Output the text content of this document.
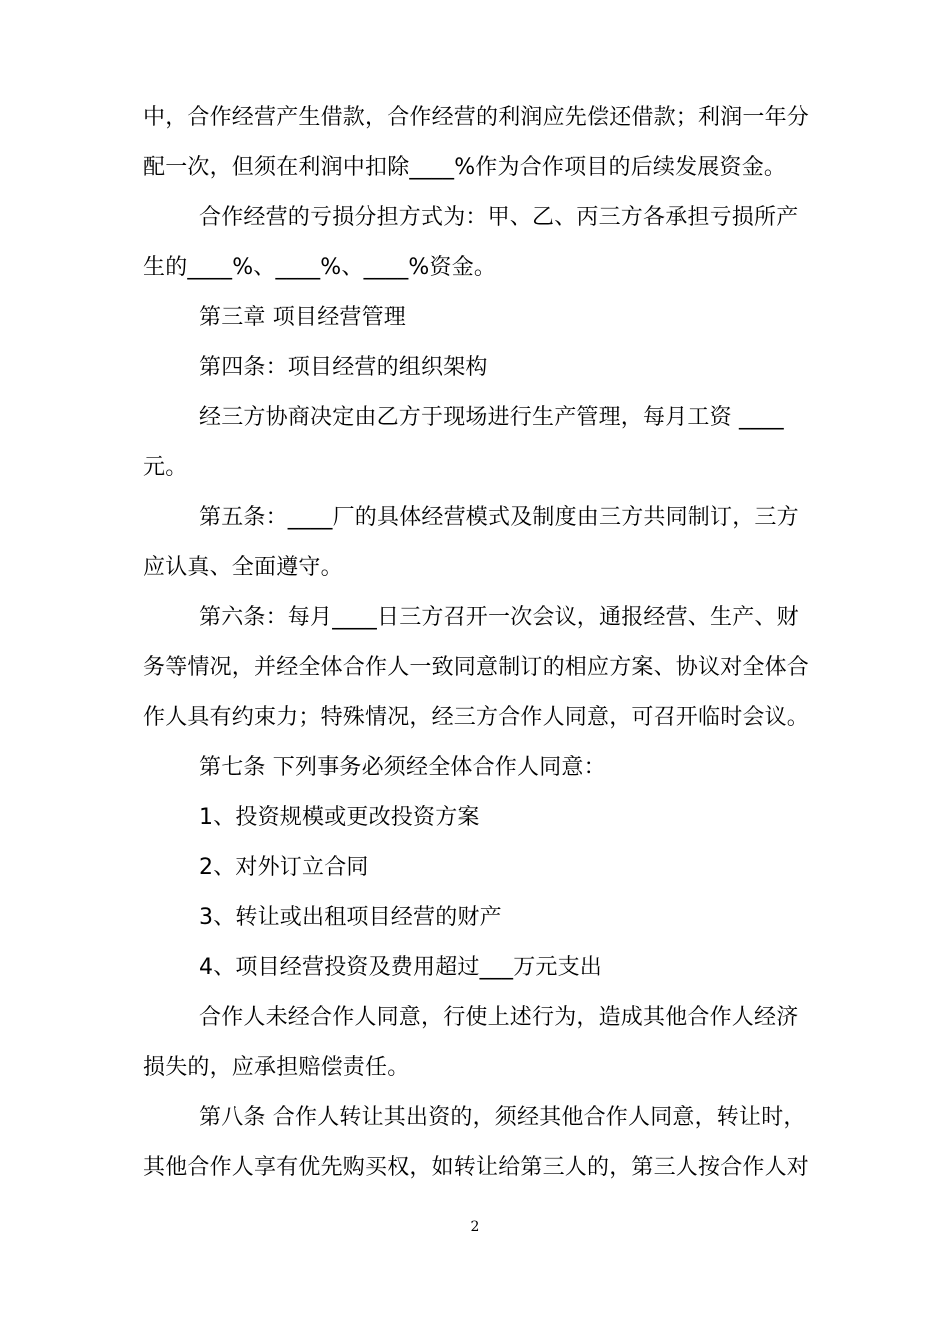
中，合作经营产生借款，合作经营的利润应先偿还借款；利润一年分
配一次，但须在利润中扣除____%作为合作项目的后续发展资金。
合作经营的亏损分担方式为：甲、乙、丙三方各承担亏损所产
生的____%、____%、____%资金。
第三章 项目经营管理
第四条：项目经营的组织架构
经三方协商决定由乙方于现场进行生产管理，每月工资 ____
元。
第五条：____厂的具体经营模式及制度由三方共同制订，三方
应认真、全面遵守。
第六条：每月____日三方召开一次会议，通报经营、生产、财
务等情况，并经全体合作人一致同意制订的相应方案、协议对全体合
作人具有约束力；特殊情况，经三方合作人同意，可召开临时会议。
第七条 下列事务必须经全体合作人同意：
1、投资规模或更改投资方案
2、对外订立合同
3、转让或出租项目经营的财产
4、项目经营投资及费用超过___万元支出
合作人未经合作人同意，行使上述行为，造成其他合作人经济
损失的，应承担赔偿责任。
第八条 合作人转让其出资的，须经其他合作人同意，转让时，
其他合作人享有优先购买权，如转让给第三人的，第三人按合作人对
2
